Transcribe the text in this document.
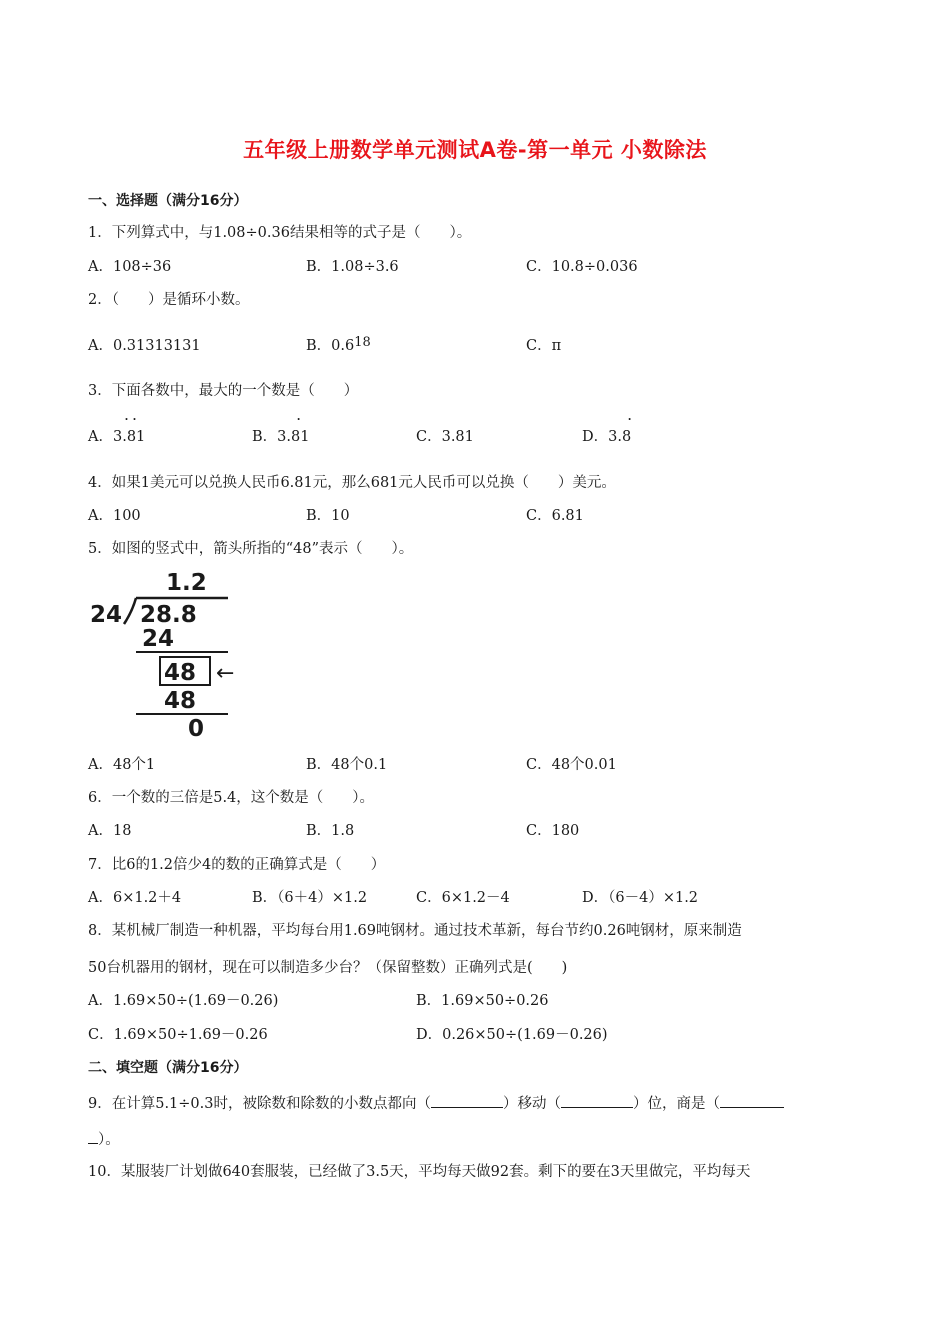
五年级上册数学单元测试A卷-第一单元 小数除法
一、选择题（满分16分）
1．下列算式中，与1.08÷0.36结果相等的式子是（　　）。
A．108÷36	B．1.08÷3.6	C．10.8÷0.036
2．（　　）是循环小数。
A．0.31313131	B．$0.6^{18}$	C．π
3．下面各数中，最大的一个数是（　　）
A．3.81
˙ ˙
B．3.81
˙
C．3.81	D．3.8
˙
4．如果1美元可以兑换人民币6.81元，那么681元人民币可以兑换（　　）美元。
A．100	B．10	C．6.81
5．如图的竖式中，箭头所指的“48”表示（　　）。
1.2
24 28.8
24
48 ←
48
0
A．48个1	B．48个0.1	C．48个0.01
6．一个数的三倍是5.4，这个数是（　　）。
A．18	B．1.8	C．180
7．比6的1.2倍少4的数的正确算式是（　　）
A．6×1.2＋4	B．（6＋4）×1.2	C．6×1.2－4	D．（6－4）×1.2
8．某机械厂制造一种机器，平均每台用1.69吨钢材。通过技术革新，每台节约0.26吨钢材，原来制造
50台机器用的钢材，现在可以制造多少台？（保留整数）正确列式是(　　)
A．1.69×50÷(1.69－0.26)	B．1.69×50÷0.26
C．1.69×50÷1.69－0.26	D．0.26×50÷(1.69－0.26)
二、填空题（满分16分）
9．在计算5.1÷0.3时，被除数和除数的小数点都向（	）移动（	）位，商是（
）。
10．某服装厂计划做640套服装，已经做了3.5天，平均每天做92套。剩下的要在3天里做完，平均每天
